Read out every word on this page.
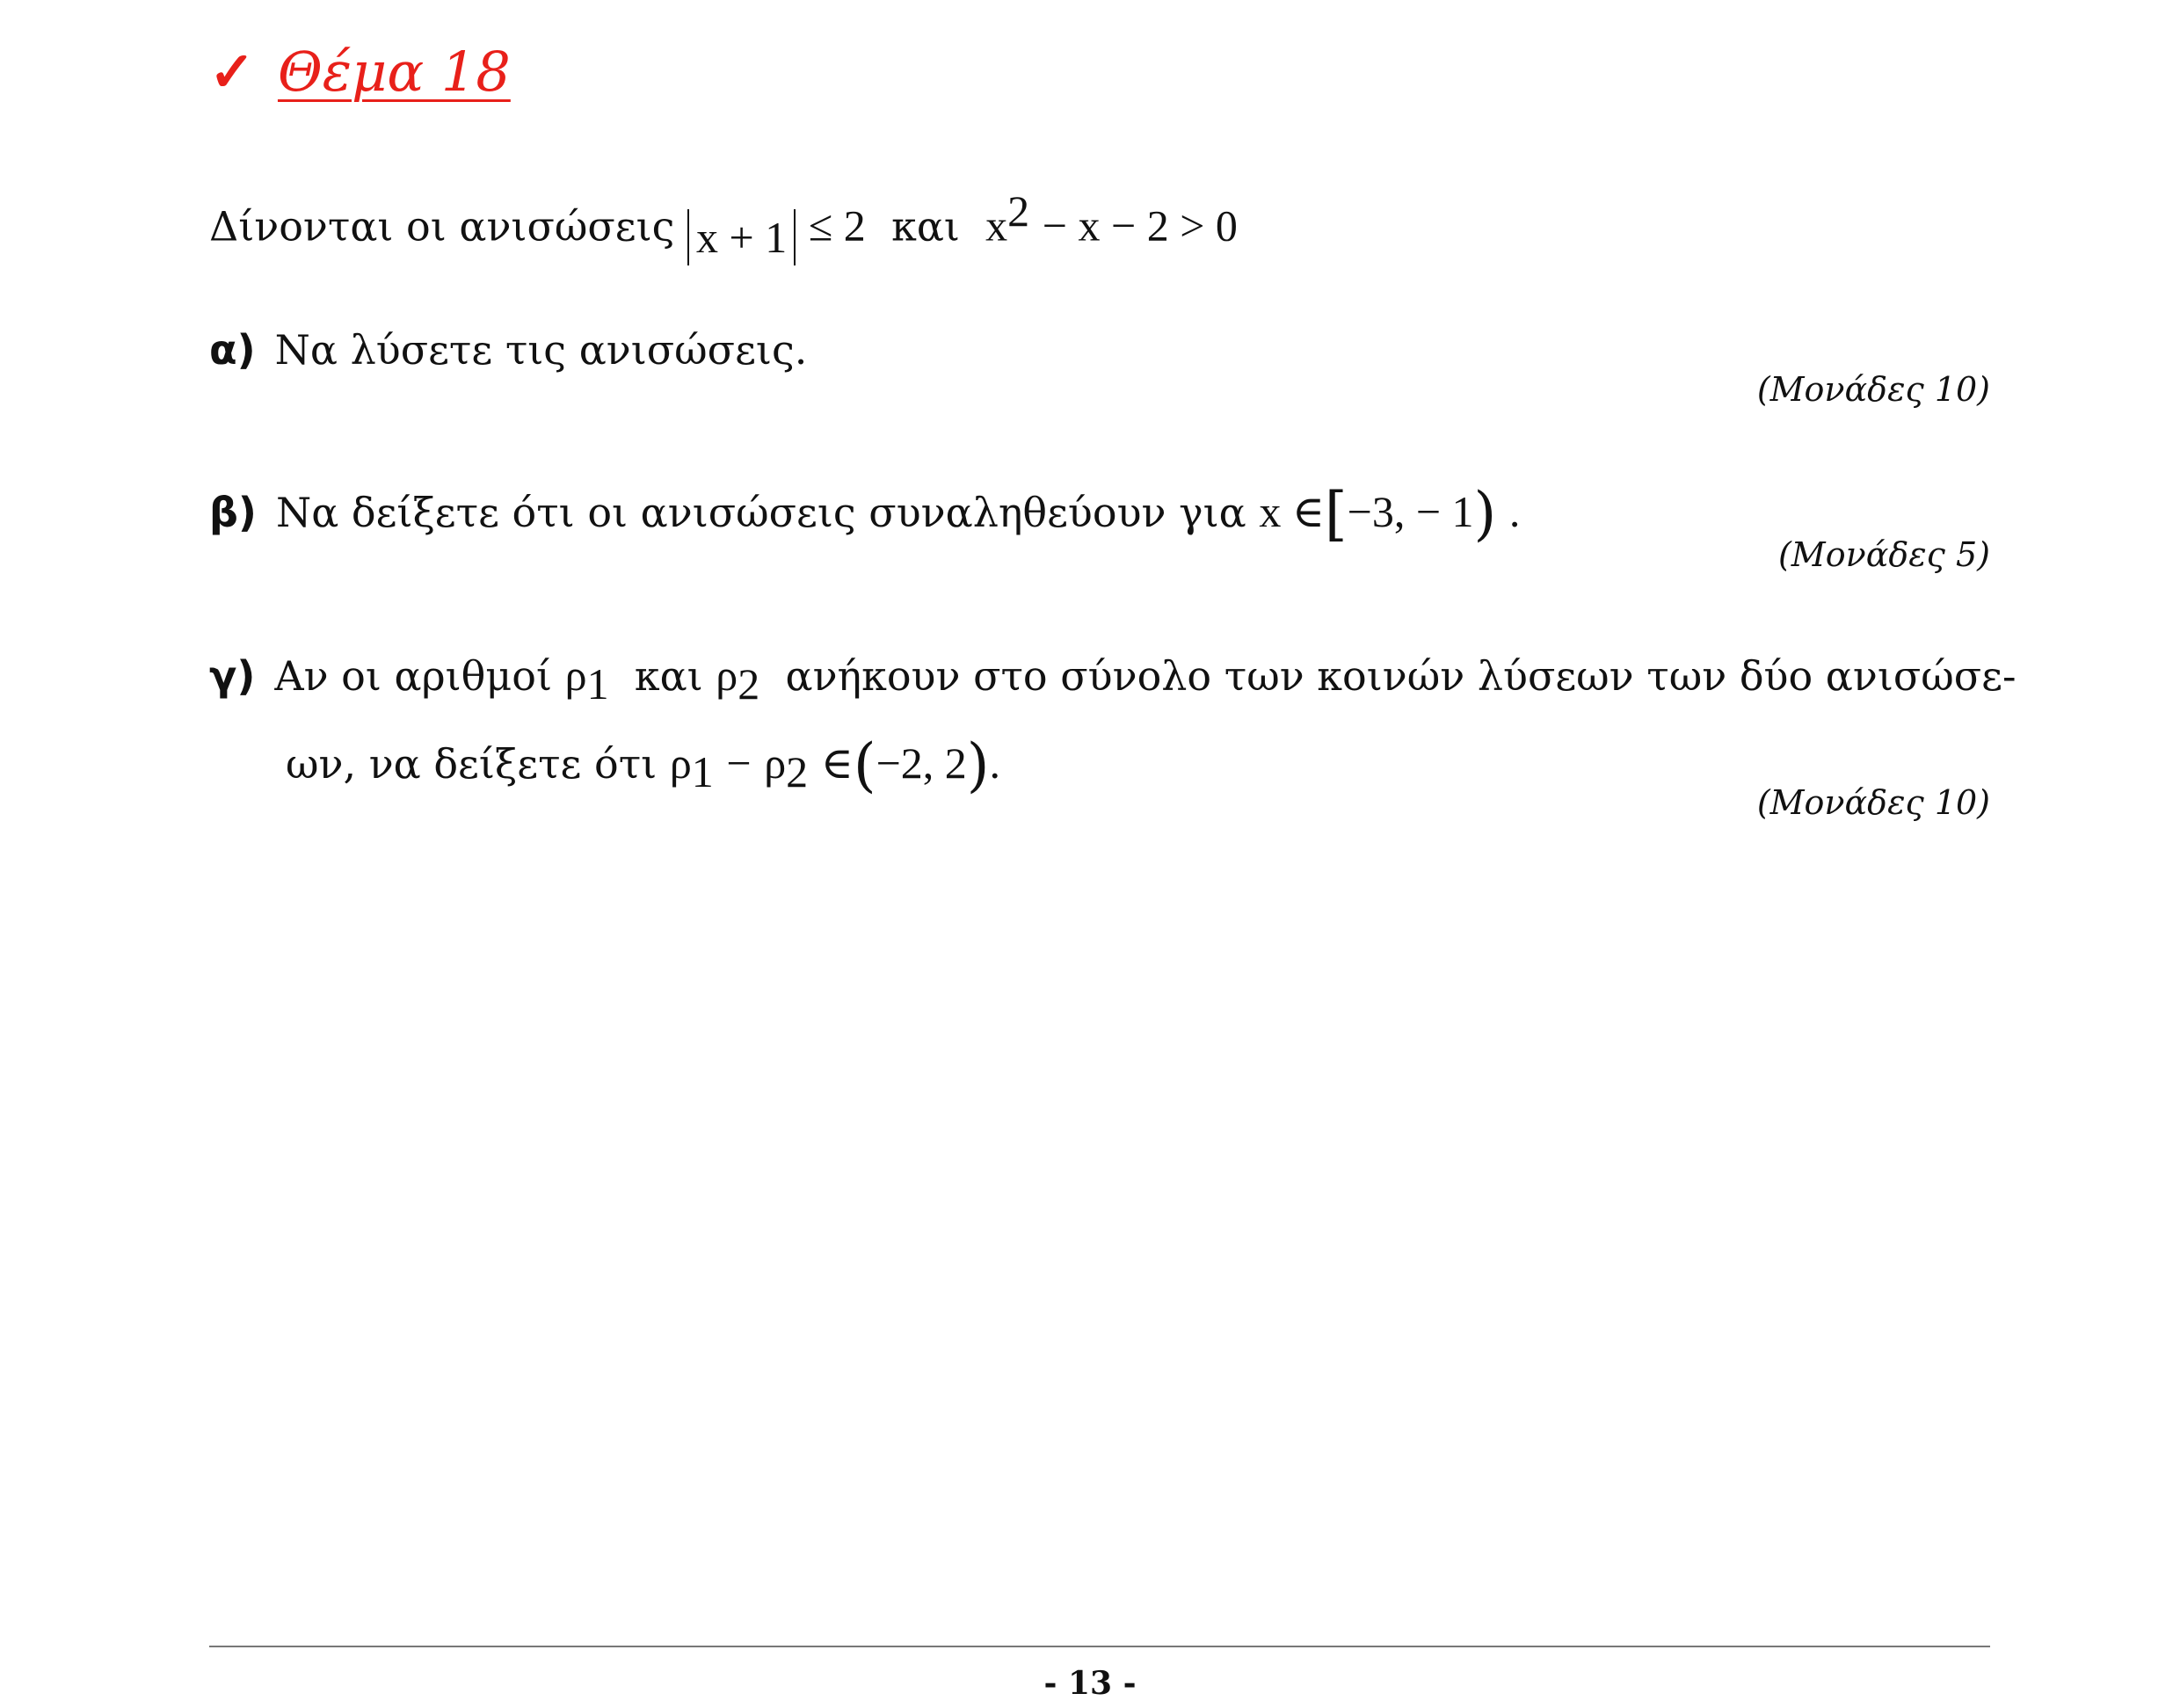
✓ Θέμα 18
Δίνονται οι ανισώσεις x + 1 ≤ 2 και $x^2 - x - 2 > 0$
α) Να λύσετε τις ανισώσεις.
(Μονάδες 10)
β) Να δείξετε ότι οι ανισώσεις συναληθεύουν για x ∈[−3, − 1) .
(Μονάδες 5)
γ) Αν οι αριθμοί $\rho_1$ και $\rho_2$ ανήκουν στο σύνολο των κοινών λύσεων των δύο ανισώσε-
ων, να δείξετε ότι $\rho_1 - \rho_2$ ∈(−2, 2).
(Μονάδες 10)
- 13 -
